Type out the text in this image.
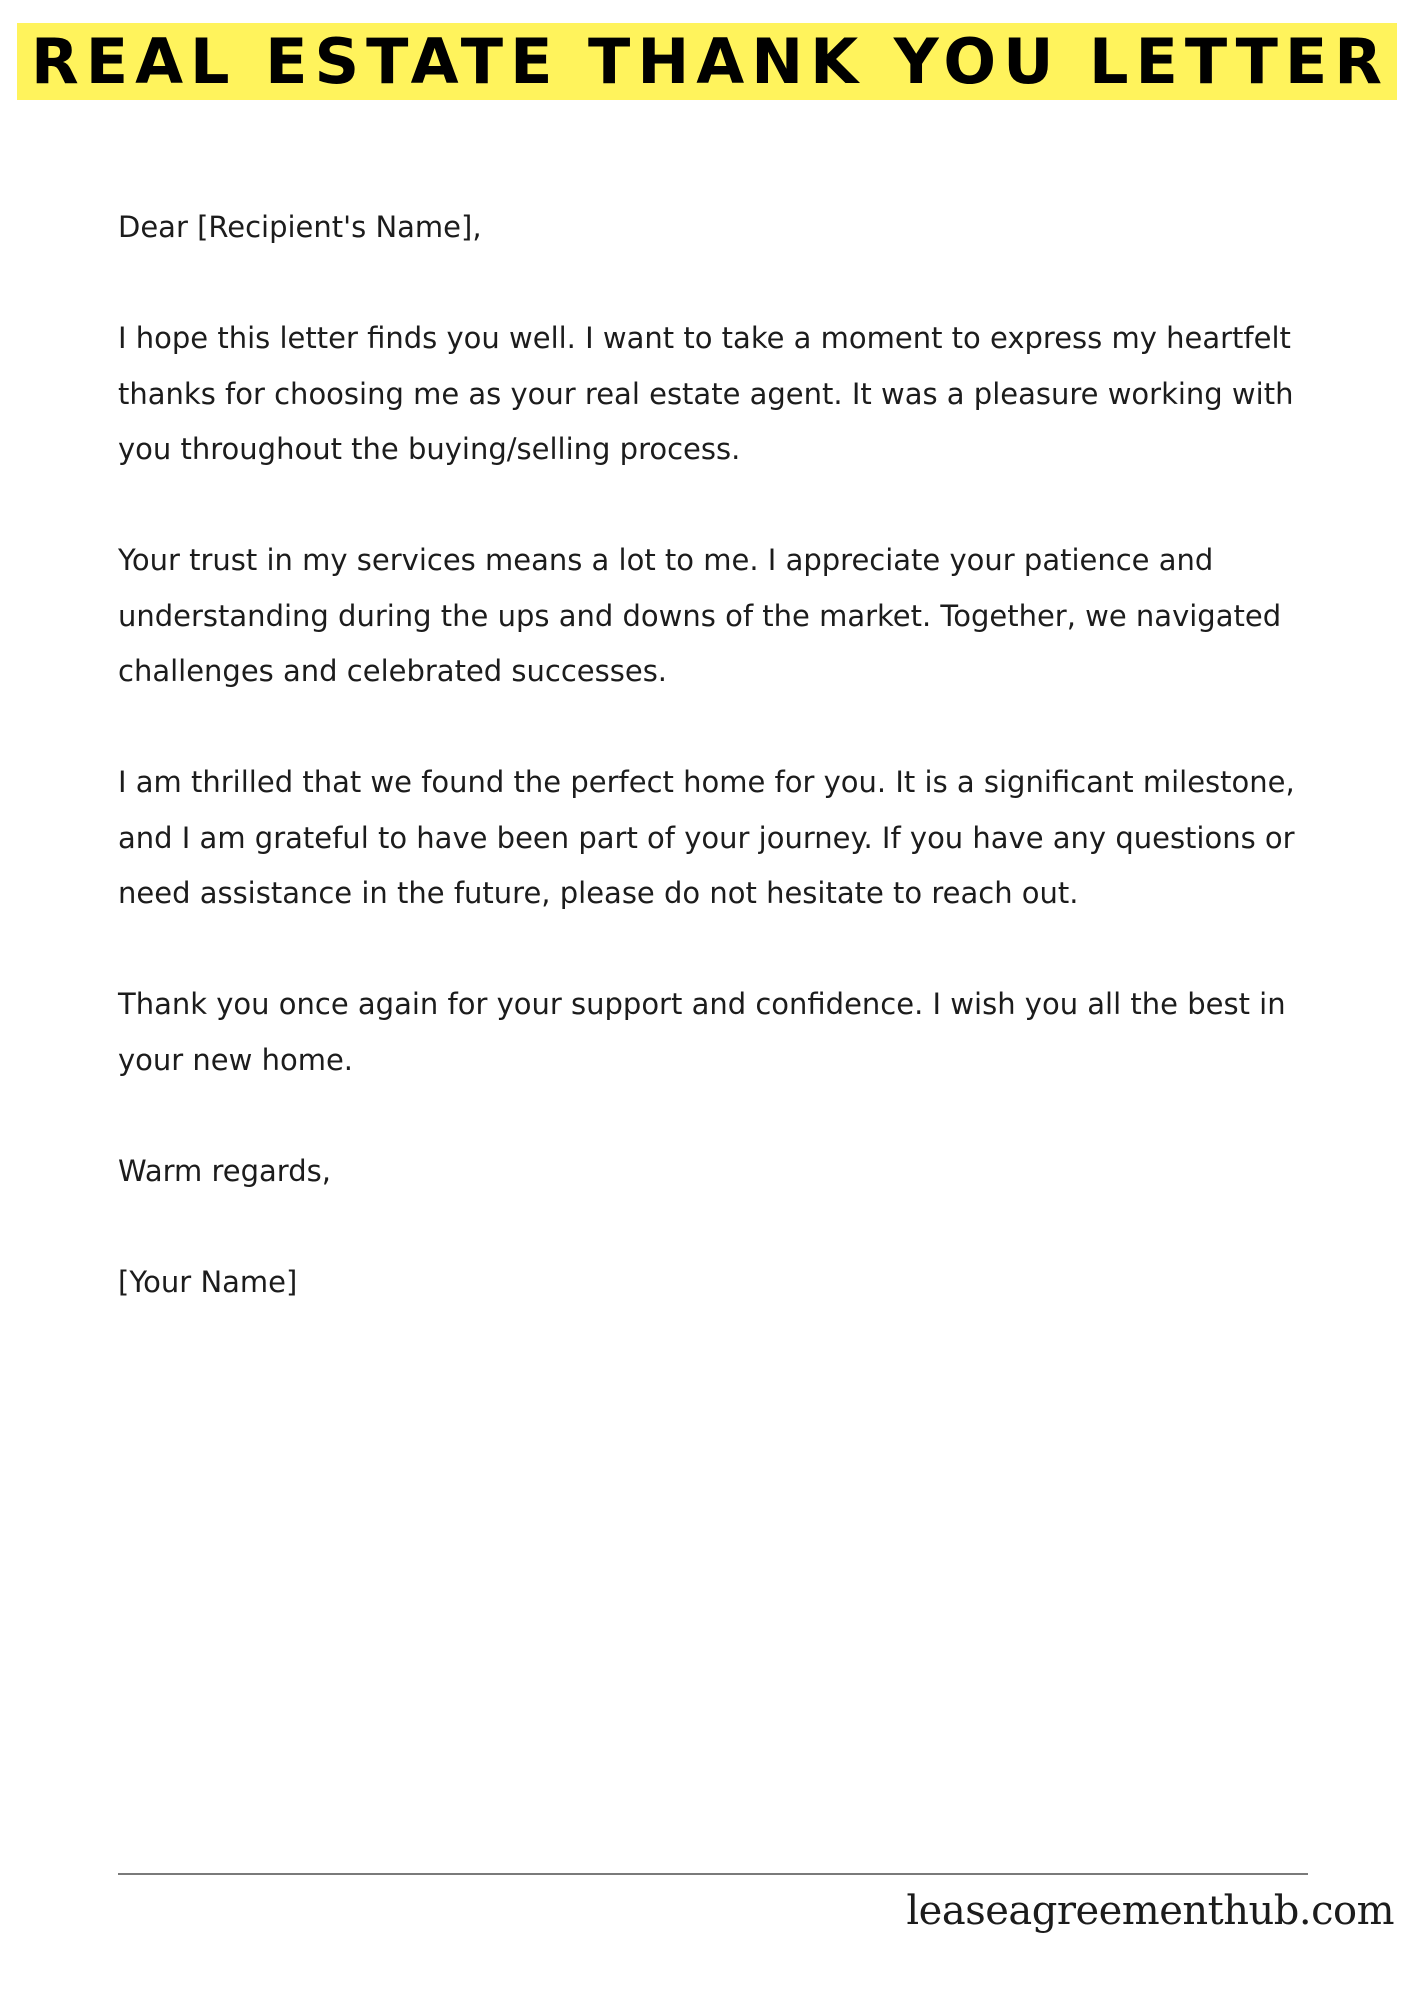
REAL ESTATE THANK YOU LETTER

Dear [Recipient's Name],

I hope this letter finds you well. I want to take a moment to express my heartfelt thanks for choosing me as your real estate agent. It was a pleasure working with you throughout the buying/selling process.

Your trust in my services means a lot to me. I appreciate your patience and understanding during the ups and downs of the market. Together, we navigated challenges and celebrated successes.

I am thrilled that we found the perfect home for you. It is a significant milestone, and I am grateful to have been part of your journey. If you have any questions or need assistance in the future, please do not hesitate to reach out.

Thank you once again for your support and confidence. I wish you all the best in your new home.

Warm regards,

[Your Name]

leaseagreementhub.com
